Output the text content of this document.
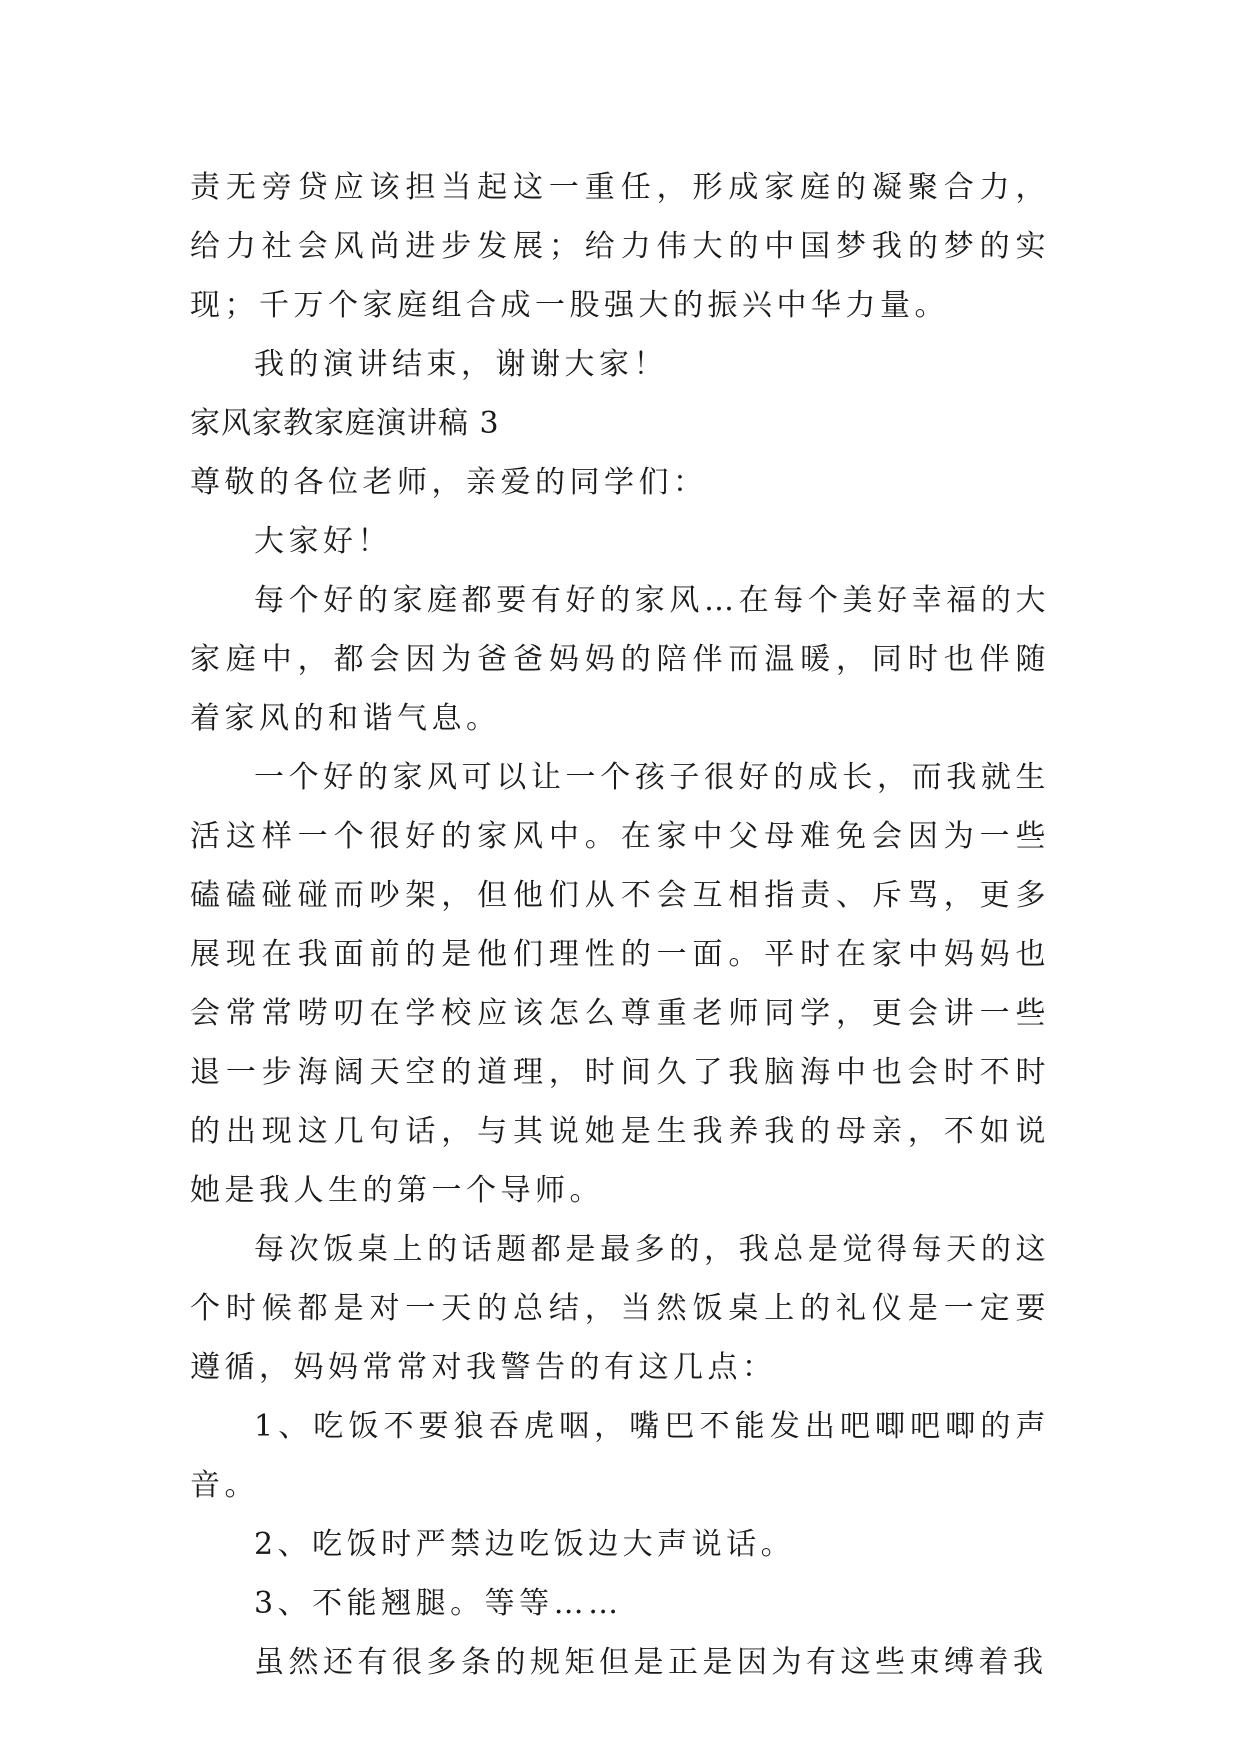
责无旁贷应该担当起这一重任，形成家庭的凝聚合力，给力社会风尚进步发展；给力伟大的中国梦我的梦的实现；千万个家庭组合成一股强大的振兴中华力量。

我的演讲结束，谢谢大家！

家风家教家庭演讲稿 3

尊敬的各位老师，亲爱的同学们：

大家好！

每个好的家庭都要有好的家风…在每个美好幸福的大家庭中，都会因为爸爸妈妈的陪伴而温暖，同时也伴随着家风的和谐气息。

一个好的家风可以让一个孩子很好的成长，而我就生活这样一个很好的家风中。在家中父母难免会因为一些磕磕碰碰而吵架，但他们从不会互相指责、斥骂，更多展现在我面前的是他们理性的一面。平时在家中妈妈也会常常唠叨在学校应该怎么尊重老师同学，更会讲一些退一步海阔天空的道理，时间久了我脑海中也会时不时的出现这几句话，与其说她是生我养我的母亲，不如说她是我人生的第一个导师。

每次饭桌上的话题都是最多的，我总是觉得每天的这个时候都是对一天的总结，当然饭桌上的礼仪是一定要遵循，妈妈常常对我警告的有这几点：

1、吃饭不要狼吞虎咽，嘴巴不能发出吧唧吧唧的声音。

2、吃饭时严禁边吃饭边大声说话。

3、不能翘腿。等等……

虽然还有很多条的规矩但是正是因为有这些束缚着我
